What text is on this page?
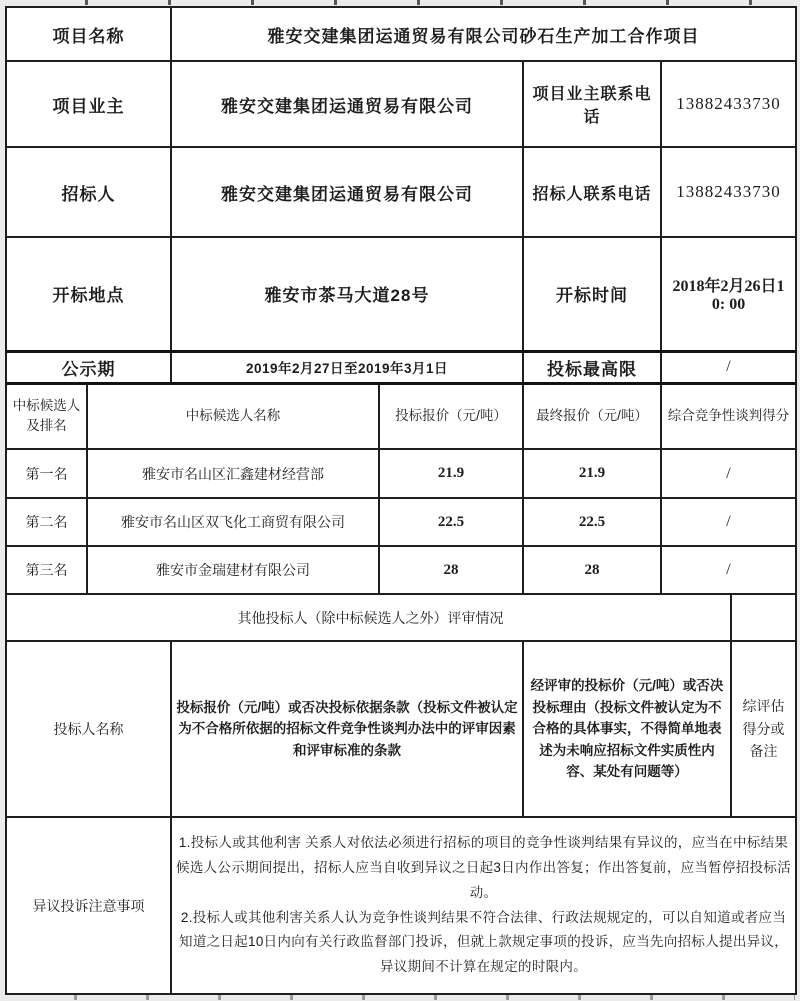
项目名称		雅安交建集团运通贸易有限公司砂石生产加工合作项目				
项目业主		雅安交建集团运通贸易有限公司		项目业主联系电话	13882433730	
招标人		雅安交建集团运通贸易有限公司		招标人联系电话	13882433730	
开标地点		雅安市茶马大道28号		开标时间	2018年2月26日10: 00	
公示期		2019年2月27日至2019年3月1日		投标最高限	/	
中标候选人及排名	中标候选人名称		投标报价（元/吨）	最终报价（元/吨）	综合竞争性谈判得分	
第一名	雅安市名山区汇鑫建材经营部		21.9	21.9	/	
第二名	雅安市名山区双飞化工商贸有限公司		22.5	22.5	/	
第三名	雅安市金瑞建材有限公司		28	28	/	
其他投标人（除中标候选人之外）评审情况						
投标人名称		投标报价（元/吨）或否决投标依据条款（投标文件被认定为不合格所依据的招标文件竞争性谈判办法中的评审因素和评审标准的条款		经评审的投标价（元/吨）或否决投标理由（投标文件被认定为不合格的具体事实，不得简单地表述为未响应招标文件实质性内容、某处有问题等）		综评估得分或备注
异议投诉注意事项		1.投标人或其他利害 关系人对依法必须进行招标的项目的竞争性谈判结果有异议的，应当在中标结果候选人公示期间提出，招标人应当自收到异议之日起3日内作出答复；作出答复前，应当暂停招投标活动。
2.投标人或其他利害关系人认为竞争性谈判结果不符合法律、行政法规规定的，可以自知道或者应当知道之日起10日内向有关行政监督部门投诉，但就上款规定事项的投诉，应当先向招标人提出异议，异议期间不计算在规定的时限内。				
